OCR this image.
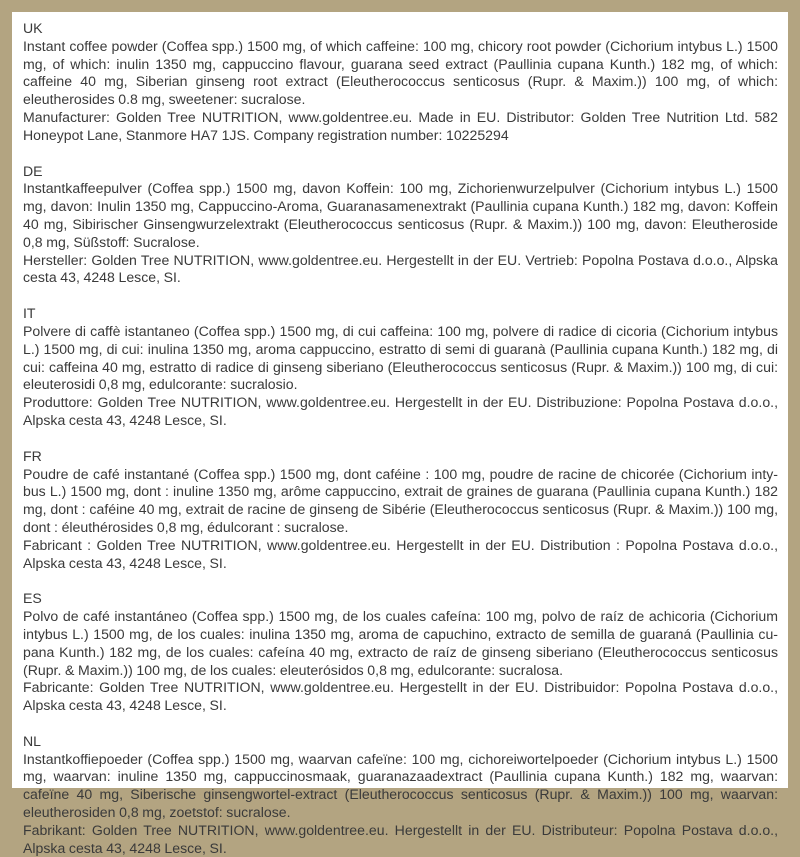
UK

Instant coffee powder (Coffea spp.) 1500 mg, of which caffeine: 100 mg, chicory root powder (Cichorium intybus L.) 1500 mg, of which: inulin 1350 mg, cappuccino flavour, guarana seed extract (Paullinia cupana Kunth.) 182 mg, of which: caffeine 40 mg, Siberian ginseng root extract (Eleutherococcus senticosus (Rupr. & Maxim.)) 100 mg, of which: eleutherosides 0.8 mg, sweetener: sucralose.

Manufacturer: Golden Tree NUTRITION, www.goldentree.eu. Made in EU. Distributor: Golden Tree Nutrition Ltd. 582 Honeypot Lane, Stanmore HA7 1JS. Company registration number: 10225294

DE

Instantkaffeepulver (Coffea spp.) 1500 mg, davon Koffein: 100 mg, Zichorienwurzelpulver (Cichorium intybus L.) 1500 mg, davon: Inulin 1350 mg, Cappuccino-Aroma, Guaranasamenextrakt (Paullinia cupana Kunth.) 182 mg, davon: Koffein 40 mg, Sibirischer Ginsengwurzelextrakt (Eleutherococcus senticosus (Rupr. & Maxim.)) 100 mg, davon: Eleutheroside 0,8 mg, Süßstoff: Sucralose.

Hersteller: Golden Tree NUTRITION, www.goldentree.eu. Hergestellt in der EU. Vertrieb: Popolna Postava d.o.o., Alpska cesta 43, 4248 Lesce, SI.

IT

Polvere di caffè istantaneo (Coffea spp.) 1500 mg, di cui caffeina: 100 mg, polvere di radice di cicoria (Cichorium intybus L.) 1500 mg, di cui: inulina 1350 mg, aroma cappuccino, estratto di semi di guaranà (Paullinia cupana Kunth.) 182 mg, di cui: caffeina 40 mg, estratto di radice di ginseng siberiano (Eleutherococcus senticosus (Rupr. & Maxim.)) 100 mg, di cui: eleuterosidi 0,8 mg, edulcorante: sucralosio.

Produttore: Golden Tree NUTRITION, www.goldentree.eu. Hergestellt in der EU. Distribuzione: Popolna Postava d.o.o., Alpska cesta 43, 4248 Lesce, SI.

FR

Poudre de café instantané (Coffea spp.) 1500 mg, dont caféine : 100 mg, poudre de racine de chicorée (Cichorium intybus L.) 1500 mg, dont : inuline 1350 mg, arôme cappuccino, extrait de graines de guarana (Paullinia cupana Kunth.) 182 mg, dont : caféine 40 mg, extrait de racine de ginseng de Sibérie (Eleutherococcus senticosus (Rupr. & Maxim.)) 100 mg, dont : éleuthérosides 0,8 mg, édulcorant : sucralose.

Fabricant : Golden Tree NUTRITION, www.goldentree.eu. Hergestellt in der EU. Distribution : Popolna Postava d.o.o., Alpska cesta 43, 4248 Lesce, SI.

ES

Polvo de café instantáneo (Coffea spp.) 1500 mg, de los cuales cafeína: 100 mg, polvo de raíz de achicoria (Cichorium intybus L.) 1500 mg, de los cuales: inulina 1350 mg, aroma de capuchino, extracto de semilla de guaraná (Paullinia cupana Kunth.) 182 mg, de los cuales: cafeína 40 mg, extracto de raíz de ginseng siberiano (Eleutherococcus senticosus (Rupr. & Maxim.)) 100 mg, de los cuales: eleuterósidos 0,8 mg, edulcorante: sucralosa.

Fabricante: Golden Tree NUTRITION, www.goldentree.eu. Hergestellt in der EU. Distribuidor: Popolna Postava d.o.o., Alpska cesta 43, 4248 Lesce, SI.

NL

Instantkoffiepoeder (Coffea spp.) 1500 mg, waarvan cafeïne: 100 mg, cichoreiwortelpoeder (Cichorium intybus L.) 1500 mg, waarvan: inuline 1350 mg, cappuccinosmaak, guaranazaadextract (Paullinia cupana Kunth.) 182 mg, waarvan: cafeïne 40 mg, Siberische ginsengwortel-extract (Eleutherococcus senticosus (Rupr. & Maxim.)) 100 mg, waarvan: eleutherosiden 0,8 mg, zoetstof: sucralose.

Fabrikant: Golden Tree NUTRITION, www.goldentree.eu. Hergestellt in der EU. Distributeur: Popolna Postava d.o.o., Alpska cesta 43, 4248 Lesce, SI.
